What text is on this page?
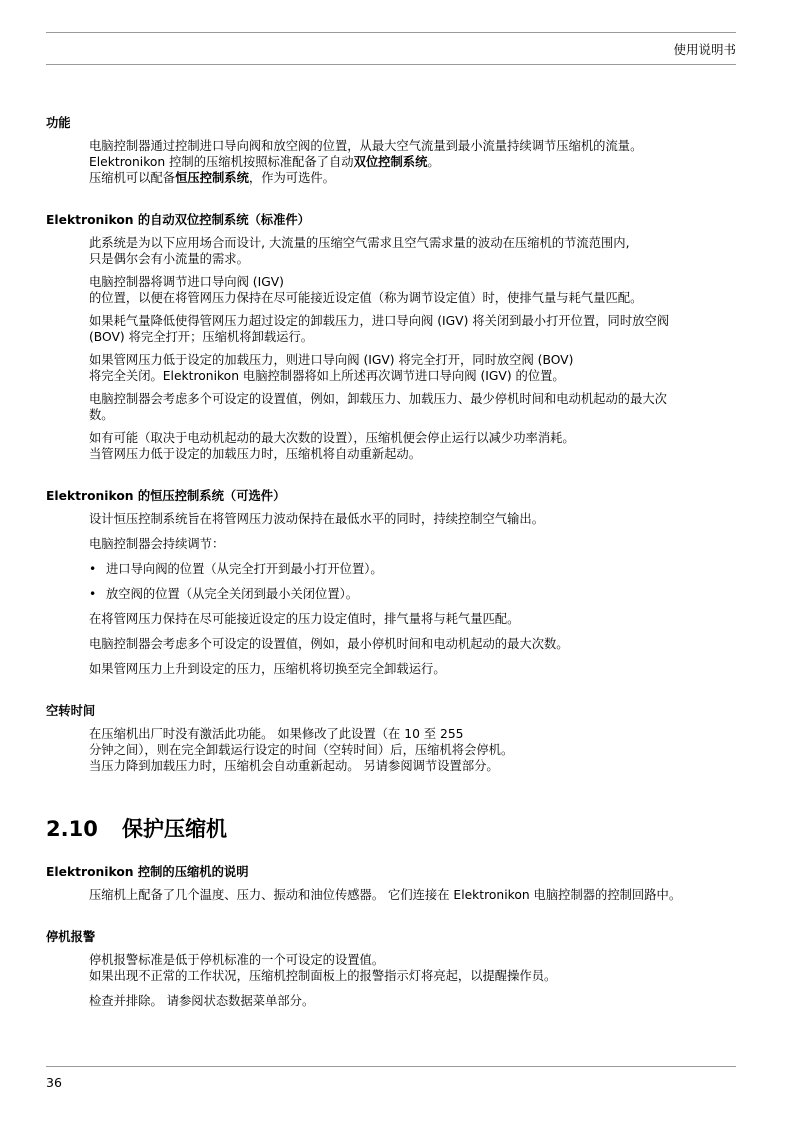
使用说明书
功能
电脑控制器通过控制进口导向阀和放空阀的位置，从最大空气流量到最小流量持续调节压缩机的流量。
Elektronikon 控制的压缩机按照标准配备了自动双位控制系统。
压缩机可以配备恒压控制系统，作为可选件。
Elektronikon 的自动双位控制系统（标准件）
此系统是为以下应用场合而设计, 大流量的压缩空气需求且空气需求量的波动在压缩机的节流范围内,
只是偶尔会有小流量的需求。
电脑控制器将调节进口导向阀 (IGV)
的位置，以便在将管网压力保持在尽可能接近设定值（称为调节设定值）时，使排气量与耗气量匹配。
如果耗气量降低使得管网压力超过设定的卸载压力，进口导向阀 (IGV) 将关闭到最小打开位置，同时放空阀
(BOV) 将完全打开；压缩机将卸载运行。
如果管网压力低于设定的加载压力，则进口导向阀 (IGV) 将完全打开，同时放空阀 (BOV)
将完全关闭。Elektronikon 电脑控制器将如上所述再次调节进口导向阀 (IGV) 的位置。
电脑控制器会考虑多个可设定的设置值，例如，卸载压力、加载压力、最少停机时间和电动机起动的最大次
数。
如有可能（取决于电动机起动的最大次数的设置），压缩机便会停止运行以减少功率消耗。
当管网压力低于设定的加载压力时，压缩机将自动重新起动。
Elektronikon 的恒压控制系统（可选件）
设计恒压控制系统旨在将管网压力波动保持在最低水平的同时，持续控制空气输出。
电脑控制器会持续调节：
• 进口导向阀的位置（从完全打开到最小打开位置）。
• 放空阀的位置（从完全关闭到最小关闭位置）。
在将管网压力保持在尽可能接近设定的压力设定值时，排气量将与耗气量匹配。
电脑控制器会考虑多个可设定的设置值，例如，最小停机时间和电动机起动的最大次数。
如果管网压力上升到设定的压力，压缩机将切换至完全卸载运行。
空转时间
在压缩机出厂时没有激活此功能。 如果修改了此设置（在 10 至 255
分钟之间），则在完全卸载运行设定的时间（空转时间）后，压缩机将会停机。
当压力降到加载压力时，压缩机会自动重新起动。 另请参阅调节设置部分。
2.10 保护压缩机
Elektronikon 控制的压缩机的说明
压缩机上配备了几个温度、压力、振动和油位传感器。 它们连接在 Elektronikon 电脑控制器的控制回路中。
停机报警
停机报警标准是低于停机标准的一个可设定的设置值。
如果出现不正常的工作状况，压缩机控制面板上的报警指示灯将亮起，以提醒操作员。
检查并排除。 请参阅状态数据菜单部分。
36
